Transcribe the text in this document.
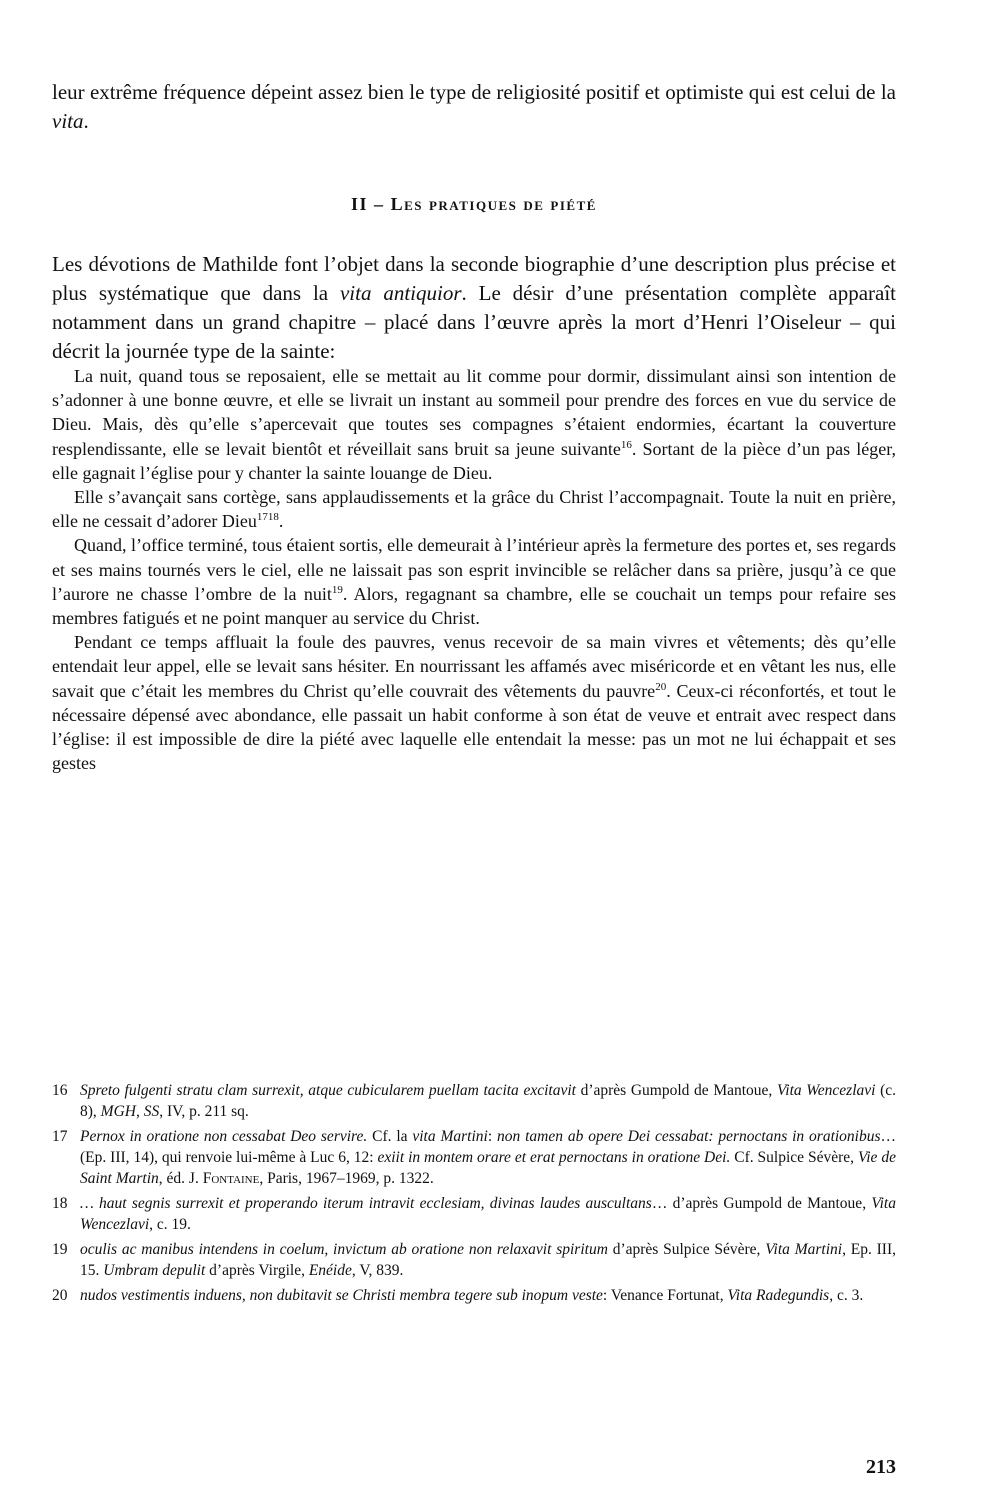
leur extrême fréquence dépeint assez bien le type de religiosité positif et optimiste qui est celui de la vita.

II – Les pratiques de piété

Les dévotions de Mathilde font l’objet dans la seconde biographie d’une description plus précise et plus systématique que dans la vita antiquior. Le désir d’une présentation complète apparaît notamment dans un grand chapitre – placé dans l’œuvre après la mort d’Henri l’Oiseleur – qui décrit la journée type de la sainte:

La nuit, quand tous se reposaient, elle se mettait au lit comme pour dormir, dissimulant ainsi son intention de s’adonner à une bonne œuvre, et elle se livrait un instant au sommeil pour prendre des forces en vue du service de Dieu. Mais, dès qu’elle s’apercevait que toutes ses compagnes s’étaient endormies, écartant la couverture resplendissante, elle se levait bientôt et réveillait sans bruit sa jeune suivante$^{16}$. Sortant de la pièce d’un pas léger, elle gagnait l’église pour y chanter la sainte louange de Dieu.

Elle s’avançait sans cortège, sans applaudissements et la grâce du Christ l’accompagnait. Toute la nuit en prière, elle ne cessait d’adorer Dieu$^{1718}$.

Quand, l’office terminé, tous étaient sortis, elle demeurait à l’intérieur après la fermeture des portes et, ses regards et ses mains tournés vers le ciel, elle ne laissait pas son esprit invincible se relâcher dans sa prière, jusqu’à ce que l’aurore ne chasse l’ombre de la nuit$^{19}$. Alors, regagnant sa chambre, elle se couchait un temps pour refaire ses membres fatigués et ne point manquer au service du Christ.

Pendant ce temps affluait la foule des pauvres, venus recevoir de sa main vivres et vêtements; dès qu’elle entendait leur appel, elle se levait sans hésiter. En nourrissant les affamés avec miséricorde et en vêtant les nus, elle savait que c’était les membres du Christ qu’elle couvrait des vêtements du pauvre$^{20}$. Ceux-ci réconfortés, et tout le nécessaire dépensé avec abondance, elle passait un habit conforme à son état de veuve et entrait avec respect dans l’église: il est impossible de dire la piété avec laquelle elle entendait la messe: pas un mot ne lui échappait et ses gestes

16 Spreto fulgenti stratu clam surrexit, atque cubicularem puellam tacita excitavit d’après Gumpold de Mantoue, Vita Wencezlavi (c. 8), MGH, SS, IV, p. 211 sq.
17 Pernox in oratione non cessabat Deo servire. Cf. la vita Martini: non tamen ab opere Dei cessabat: pernoctans in orationibus… (Ep. III, 14), qui renvoie lui-même à Luc 6, 12: exiit in montem orare et erat pernoctans in oratione Dei. Cf. Sulpice Sévère, Vie de Saint Martin, éd. J. Fontaine, Paris, 1967–1969, p. 1322.
18 … haut segnis surrexit et properando iterum intravit ecclesiam, divinas laudes auscultans… d’après Gumpold de Mantoue, Vita Wencezlavi, c. 19.
19 oculis ac manibus intendens in coelum, invictum ab oratione non relaxavit spiritum d’après Sulpice Sévère, Vita Martini, Ep. III, 15. Umbram depulit d’après Virgile, Enéide, V, 839.
20 nudos vestimentis induens, non dubitavit se Christi membra tegere sub inopum veste: Venance Fortunat, Vita Radegundis, c. 3.
213
